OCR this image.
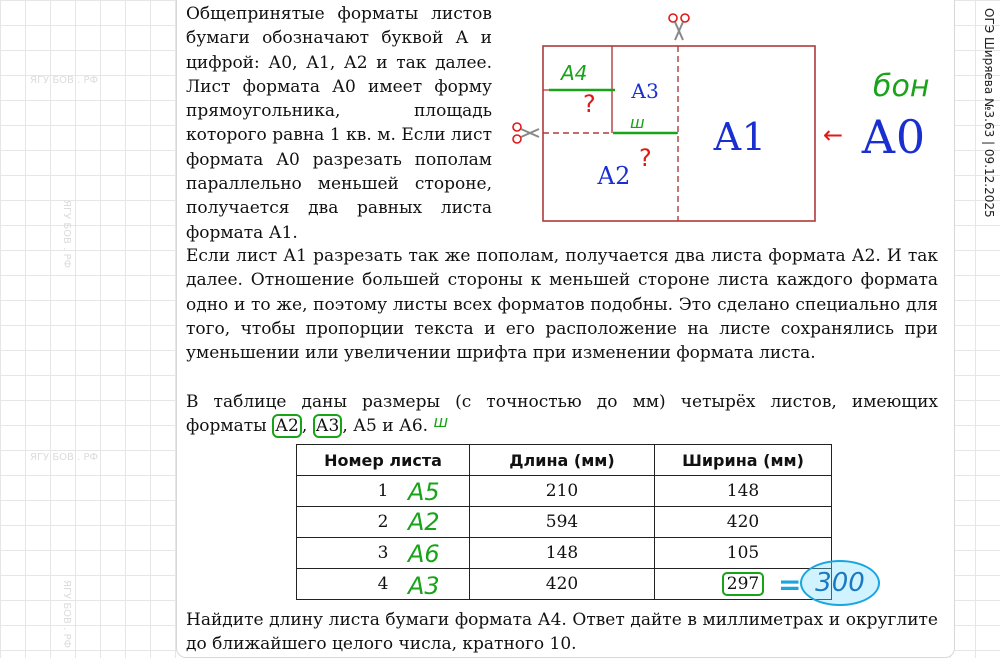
ЯГУ БОВ . РФ
ЯГУ БОВ . РФ
ЯГУ БОВ . РФ
ЯГУ БОВ . РФ
ОГЭ Ширяева №3.63 | 09.12.2025
Общепринятые форматы листов бумаги обозначают буквой А и цифрой: А0, А1, А2 и так далее. Лист формата А0 имеет форму прямоугольника, площадь которого равна 1 кв. м. Если лист формата А0 разрезать пополам параллельно меньшей стороне, получается два равных листа формата А1.
А4
? А3
ш
?
А2
А1 ← А0
бон
Если лист А1 разрезать так же пополам, получается два листа формата А2. И так далее. Отношение большей стороны к меньшей стороне листа каждого формата одно и то же, поэтому листы всех форматов подобны. Это сделано специально для того, чтобы пропорции текста и его расположение на листе сохранялись при уменьшении или увеличении шрифта при изменении формата листа.
В таблице даны размеры (с точностью до мм) четырёх листов, имеющих
форматы А2 , А3 , А5 и А6. ш
Номер листа	Длина (мм)	Ширина (мм)
1	210	148
2	594	420
3	148	105
4	420	297
А5
А2
А6
А3	= 300
Найдите длину листа бумаги формата А4. Ответ дайте в миллиметрах и округлите до ближайшего целого числа, кратного 10.
